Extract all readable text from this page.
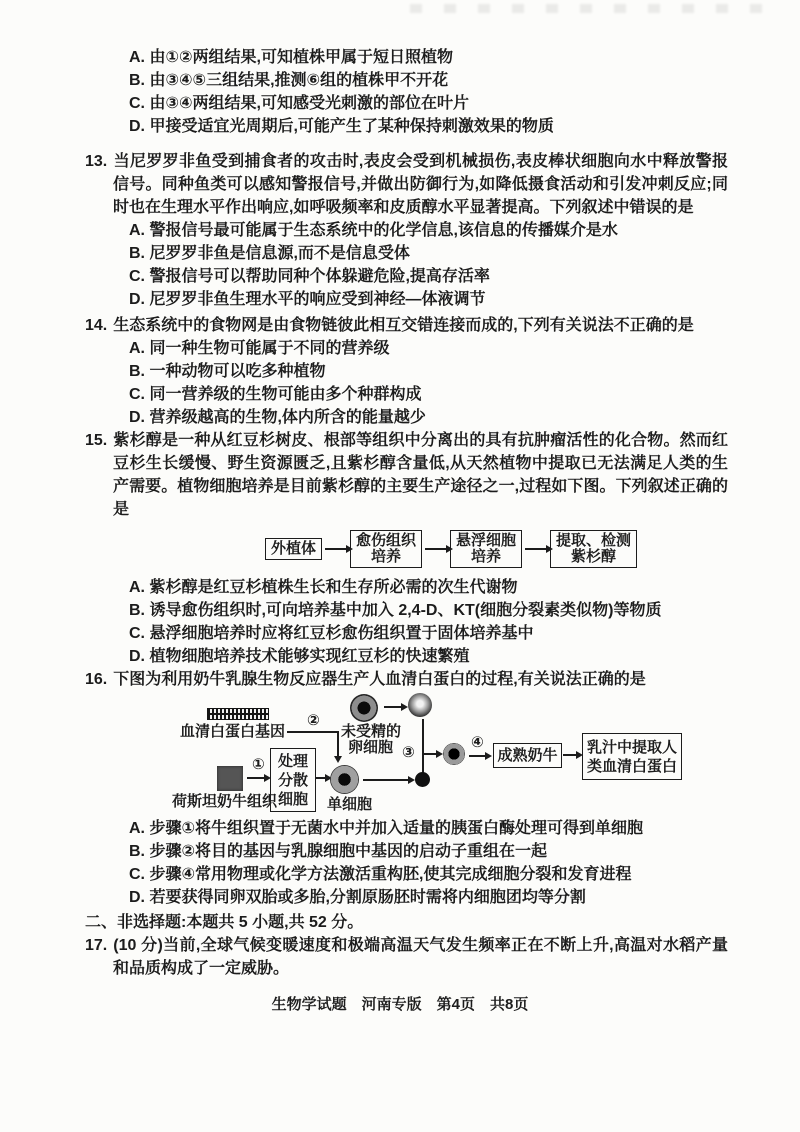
A. 由①②两组结果,可知植株甲属于短日照植物
B. 由③④⑤三组结果,推测⑥组的植株甲不开花
C. 由③④两组结果,可知感受光刺激的部位在叶片
D. 甲接受适宜光周期后,可能产生了某种保持刺激效果的物质
13. 当尼罗罗非鱼受到捕食者的攻击时,表皮会受到机械损伤,表皮棒状细胞向水中释放警报信号。同种鱼类可以感知警报信号,并做出防御行为,如降低摄食活动和引发冲刺反应;同时也在生理水平作出响应,如呼吸频率和皮质醇水平显著提高。下列叙述中错误的是
A. 警报信号最可能属于生态系统中的化学信息,该信息的传播媒介是水
B. 尼罗罗非鱼是信息源,而不是信息受体
C. 警报信号可以帮助同种个体躲避危险,提高存活率
D. 尼罗罗非鱼生理水平的响应受到神经—体液调节
14. 生态系统中的食物网是由食物链彼此相互交错连接而成的,下列有关说法不正确的是
A. 同一种生物可能属于不同的营养级
B. 一种动物可以吃多种植物
C. 同一营养级的生物可能由多个种群构成
D. 营养级越高的生物,体内所含的能量越少
15. 紫杉醇是一种从红豆杉树皮、根部等组织中分离出的具有抗肿瘤活性的化合物。然而红豆杉生长缓慢、野生资源匮乏,且紫杉醇含量低,从天然植物中提取已无法满足人类的生产需要。植物细胞培养是目前紫杉醇的主要生产途径之一,过程如下图。下列叙述正确的是
外植体	愈伤组织
培养
悬浮细胞
培养
提取、检测
紫杉醇
A. 紫杉醇是红豆杉植株生长和生存所必需的次生代谢物
B. 诱导愈伤组织时,可向培养基中加入 2,4-D、KT(细胞分裂素类似物)等物质
C. 悬浮细胞培养时应将红豆杉愈伤组织置于固体培养基中
D. 植物细胞培养技术能够实现红豆杉的快速繁殖
16. 下图为利用奶牛乳腺生物反应器生产人血清白蛋白的过程,有关说法正确的是
血清白蛋白基因
②
未受精的
卵细胞 ③
④
成熟奶牛 乳汁中提取人
类血清白蛋白
荷斯坦奶牛组织
① 处理
分散
细胞	单细胞
A. 步骤①将牛组织置于无菌水中并加入适量的胰蛋白酶处理可得到单细胞
B. 步骤②将目的基因与乳腺细胞中基因的启动子重组在一起
C. 步骤④常用物理或化学方法激活重构胚,使其完成细胞分裂和发育进程
D. 若要获得同卵双胎或多胎,分割原肠胚时需将内细胞团均等分割
二、非选择题:本题共 5 小题,共 52 分。
17. (10 分)当前,全球气候变暖速度和极端高温天气发生频率正在不断上升,高温对水稻产量和品质构成了一定威胁。
生物学试题　河南专版　第4页　共8页
